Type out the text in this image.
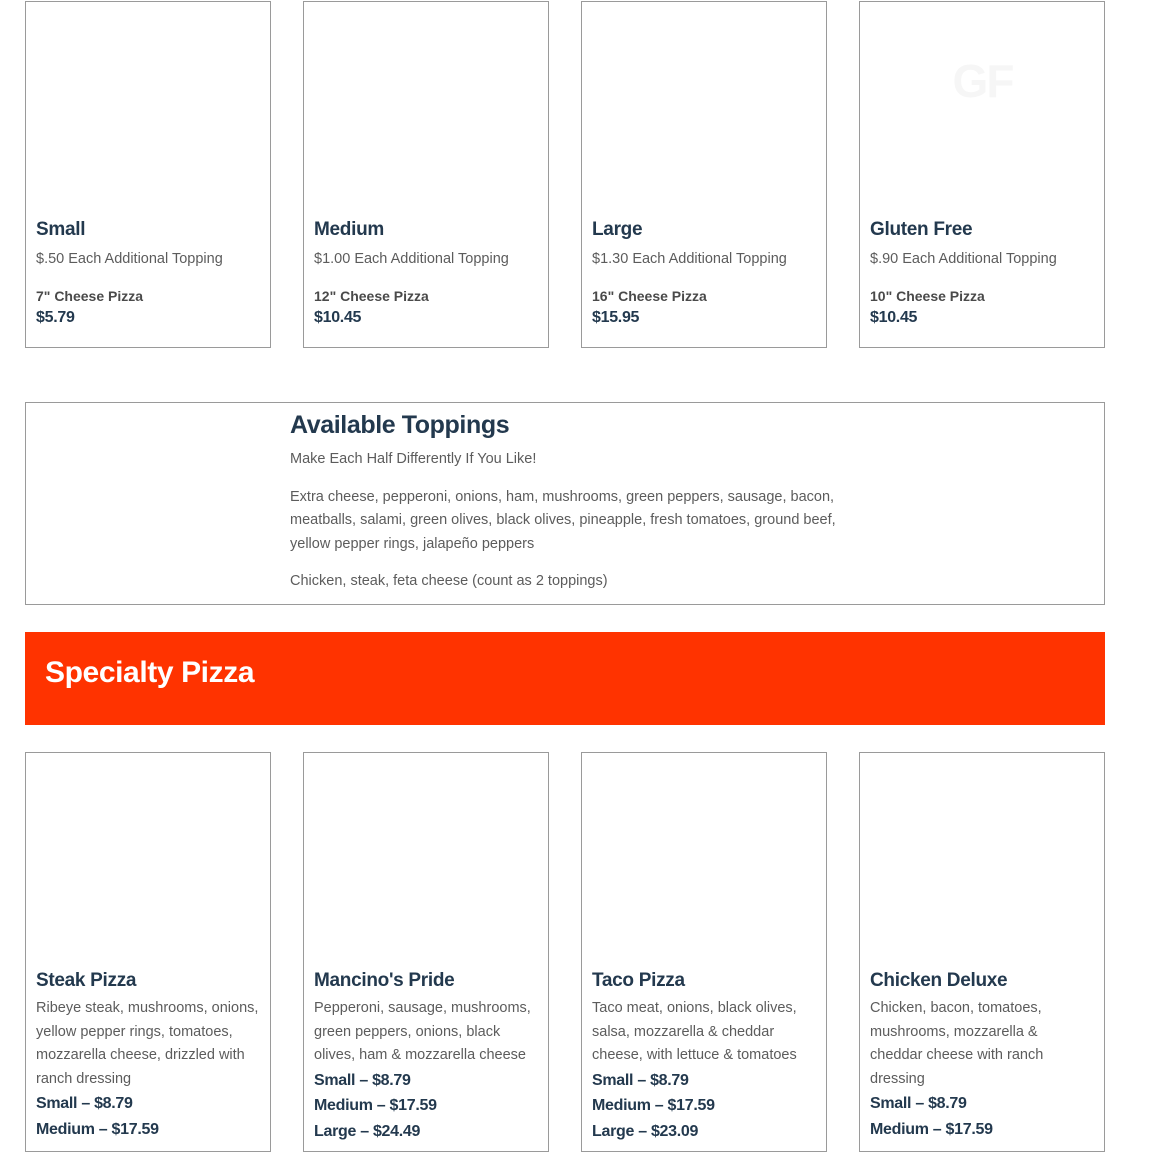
Small

$.50 Each Additional Topping

7" Cheese Pizza

$5.79

Medium

$1.00 Each Additional Topping

12" Cheese Pizza

$10.45

Large

$1.30 Each Additional Topping

16" Cheese Pizza

$15.95

GF

Gluten Free

$.90 Each Additional Topping

10" Cheese Pizza

$10.45

Available Toppings

Make Each Half Differently If You Like!

Extra cheese, pepperoni, onions, ham, mushrooms, green peppers, sausage, bacon, meatballs, salami, green olives, black olives, pineapple, fresh tomatoes, ground beef, yellow pepper rings, jalapeño peppers

Chicken, steak, feta cheese (count as 2 toppings)

Specialty Pizza

Steak Pizza

Ribeye steak, mushrooms, onions, yellow pepper rings, tomatoes, mozzarella cheese, drizzled with ranch dressing

Small – $8.79

Medium – $17.59

Mancino's Pride

Pepperoni, sausage, mushrooms, green peppers, onions, black olives, ham & mozzarella cheese

Small – $8.79

Medium – $17.59

Large – $24.49

Taco Pizza

Taco meat, onions, black olives, salsa, mozzarella & cheddar cheese, with lettuce & tomatoes

Small – $8.79

Medium – $17.59

Large – $23.09

Chicken Deluxe

Chicken, bacon, tomatoes, mushrooms, mozzarella & cheddar cheese with ranch dressing

Small – $8.79

Medium – $17.59
